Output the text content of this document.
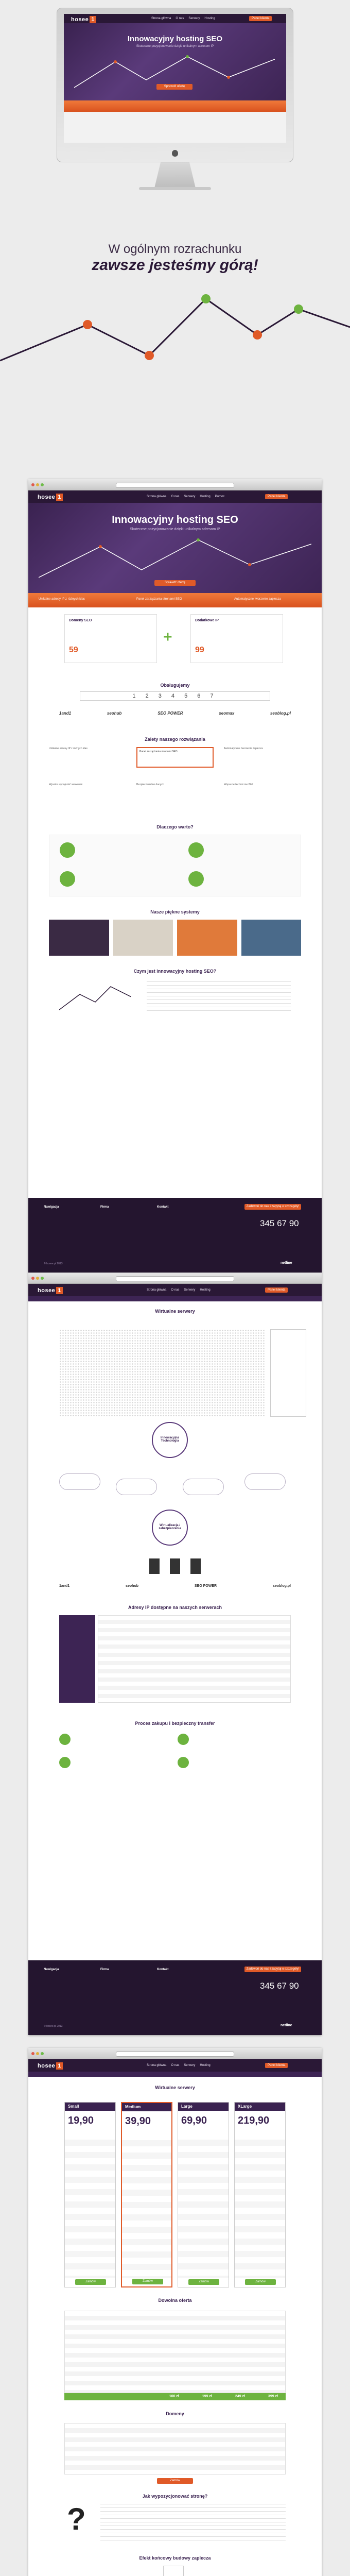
hosee 1	Strona główna O nas Serwery Hosting	Panel klienta
Innowacyjny hosting SEO
Skuteczne pozycjonowanie dzięki unikalnym adresom IP
Sprawdź ofertę
W ogólnym rozrachunku
zawsze jesteśmy górą!
hosee 1	Strona główna O nas Serwery Hosting Pomoc	Panel klienta
Innowacyjny hosting SEO
Skuteczne pozycjonowanie dzięki unikalnym adresom IP
Sprawdź ofertę
Unikalne adresy IP z różnych klas	Panel zarządzania stronami SEO	Automatyczne tworzenie zaplecza
Domeny SEO
59
+
Dodatkowe IP
99
Obsługujemy
1 2 3 4 5 6 7
1and1	seohub	SEO POWER	seomax	seoblog.pl
Zalety naszego rozwiązania
Unikalne adresy IP z różnych klas
Panel zarządzania stronami SEO
Automatyczne tworzenie zaplecza
Wysoka wydajność serwerów	Bezpieczeństwo danych	Wsparcie techniczne 24/7
Dlaczego warto?
Nasze piękne systemy
Czym jest innowacyjny hosting SEO?
Nawigacja	Firma	Kontakt	Zadzwoń do nas i zapytaj o szczegóły!
345 67 90
© hosee.pl 2013	netline
hosee 1	Strona główna O nas Serwery Hosting	Panel klienta
Wirtualne serwery
Innowacyjna Technologia
Wirtualizacja / zabezpieczenia
1and1	seohub	SEO POWER	seoblog.pl
Adresy IP dostępne na naszych serwerach
Proces zakupu i bezpieczny transfer
Nawigacja	Firma	Kontakt	Zadzwoń do nas i zapytaj o szczegóły!
345 67 90
© hosee.pl 2013	netline
hosee 1	Strona główna O nas Serwery Hosting	Panel klienta
Wirtualne serwery
Small
19,90
Zamów
Medium
39,90
Zamów
Large
69,90
Zamów
XLarge
219,90
Zamów
Dowolna oferta
100 zł	199 zł	249 zł	399 zł
Domeny
Zamów
Jak wypozycjonować stronę?
?
Efekt końcowy budowy zaplecza
